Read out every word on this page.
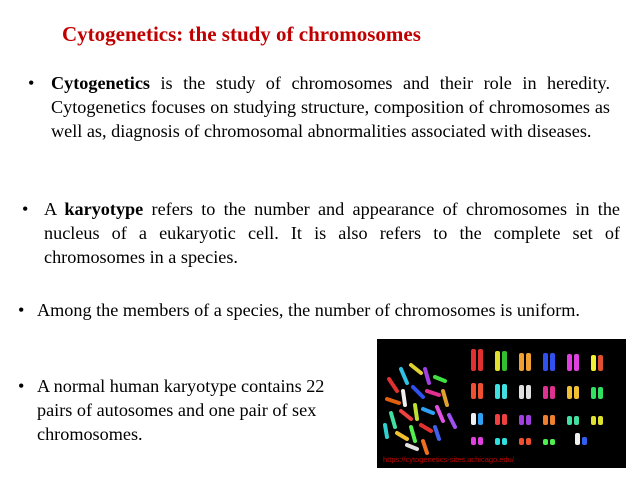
Cytogenetics: the study of chromosomes
• Cytogenetics is the study of chromosomes and their role in heredity. Cytogenetics focuses on studying structure, composition of chromosomes as well as, diagnosis of chromosomal abnormalities associated with diseases.
• A karyotype refers to the number and appearance of chromosomes in the nucleus of a eukaryotic cell. It is also refers to the complete set of chromosomes in a species.
• Among the members of a species, the number of chromosomes is uniform.
• A normal human karyotype contains 22 pairs of autosomes and one pair of sex chromosomes.
https://cytogenetics-sites.uchicago.edu/
